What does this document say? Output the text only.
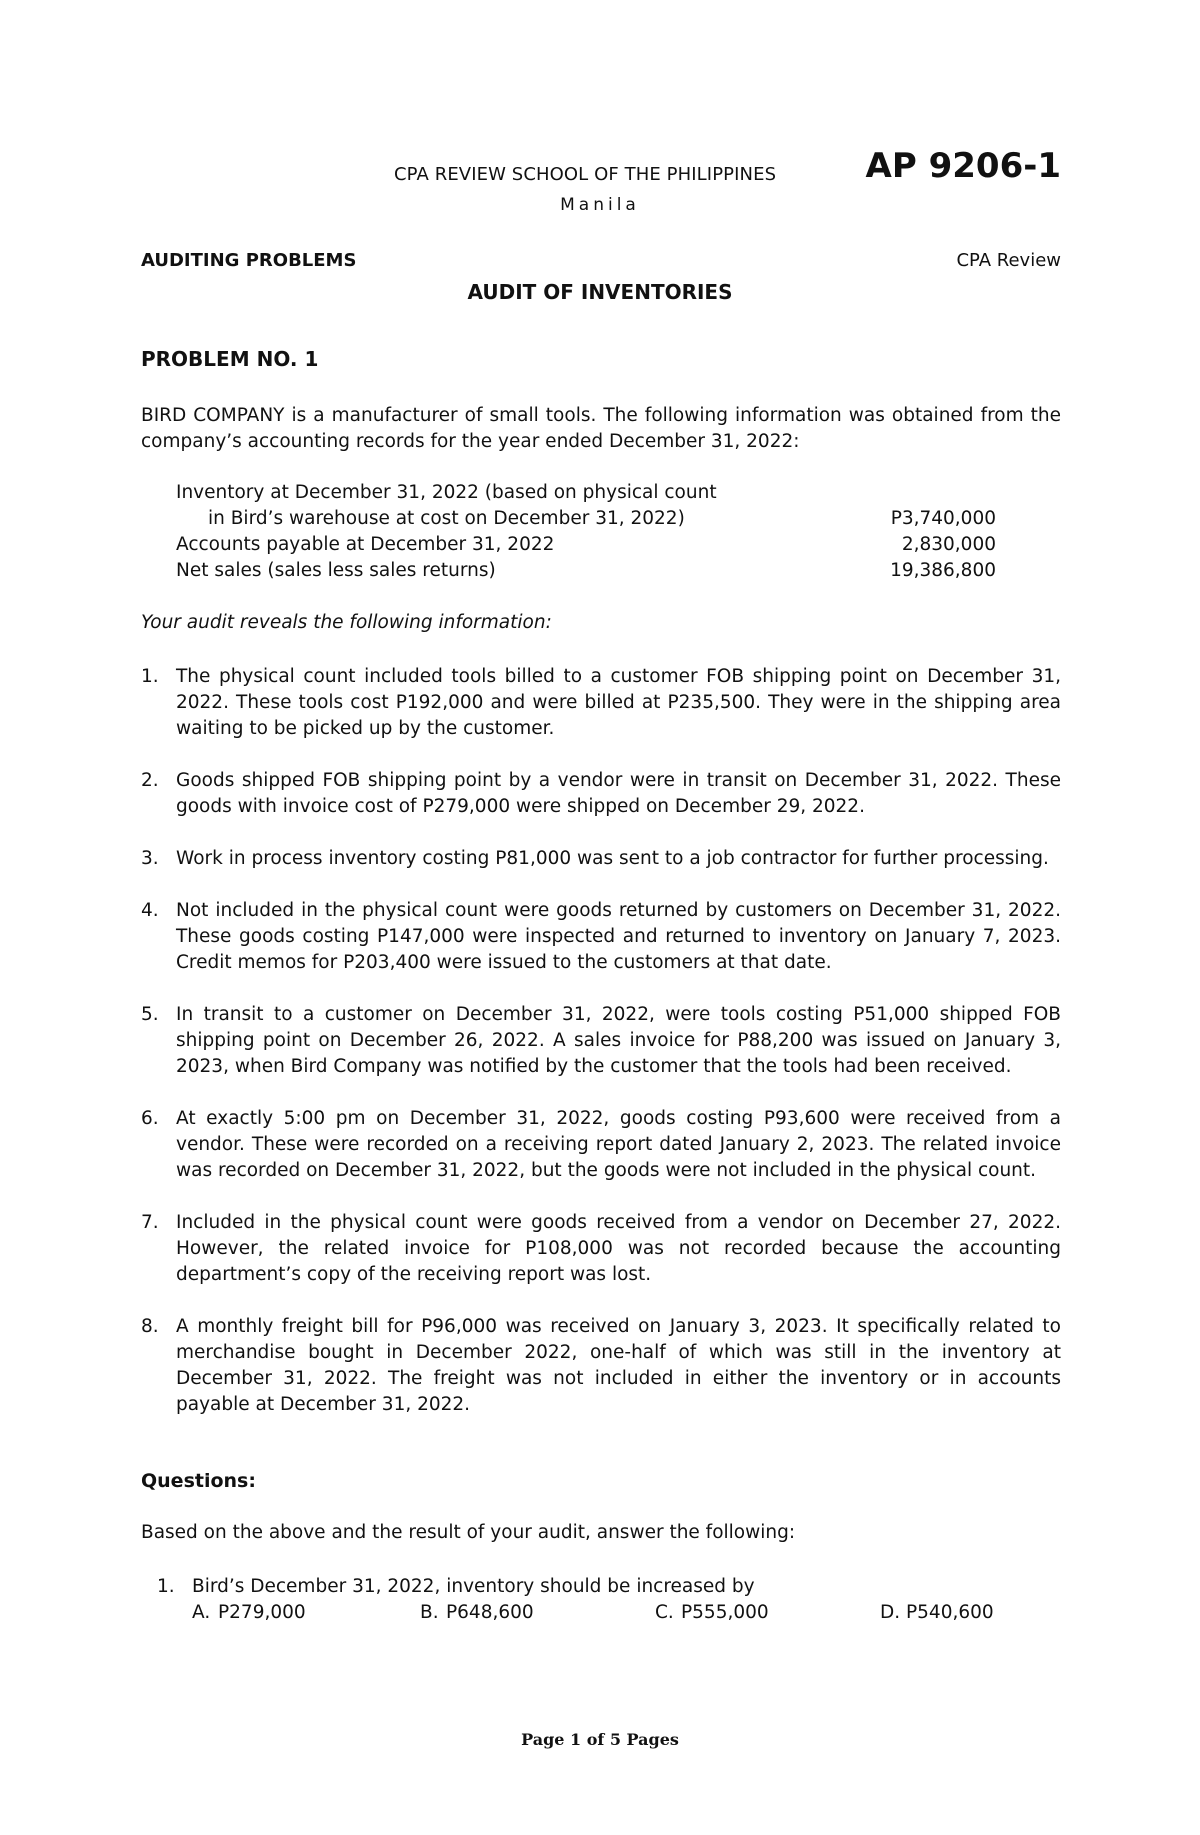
CPA REVIEW SCHOOL OF THE PHILIPPINES
Manila
AP 9206-1
AUDITING PROBLEMS	CPA Review
AUDIT OF INVENTORIES
PROBLEM NO. 1
BIRD COMPANY is a manufacturer of small tools. The following information was obtained from the company’s accounting records for the year ended December 31, 2022:
Inventory at December 31, 2022 (based on physical count
in Bird’s warehouse at cost on December 31, 2022)	P3,740,000
Accounts payable at December 31, 2022	2,830,000
Net sales (sales less sales returns)	19,386,800
Your audit reveals the following information:
1. The physical count included tools billed to a customer FOB shipping point on December 31, 2022. These tools cost P192,000 and were billed at P235,500. They were in the shipping area waiting to be picked up by the customer.
2. Goods shipped FOB shipping point by a vendor were in transit on December 31, 2022. These goods with invoice cost of P279,000 were shipped on December 29, 2022.
3. Work in process inventory costing P81,000 was sent to a job contractor for further processing.
4. Not included in the physical count were goods returned by customers on December 31, 2022. These goods costing P147,000 were inspected and returned to inventory on January 7, 2023. Credit memos for P203,400 were issued to the customers at that date.
5. In transit to a customer on December 31, 2022, were tools costing P51,000 shipped FOB shipping point on December 26, 2022. A sales invoice for P88,200 was issued on January 3, 2023, when Bird Company was notified by the customer that the tools had been received.
6. At exactly 5:00 pm on December 31, 2022, goods costing P93,600 were received from a vendor. These were recorded on a receiving report dated January 2, 2023. The related invoice was recorded on December 31, 2022, but the goods were not included in the physical count.
7. Included in the physical count were goods received from a vendor on December 27, 2022. However, the related invoice for P108,000 was not recorded because the accounting department’s copy of the receiving report was lost.
8. A monthly freight bill for P96,000 was received on January 3, 2023. It specifically related to merchandise bought in December 2022, one-half of which was still in the inventory at December 31, 2022. The freight was not included in either the inventory or in accounts payable at December 31, 2022.
Questions:
Based on the above and the result of your audit, answer the following:
1. Bird’s December 31, 2022, inventory should be increased by
A. P279,000	B. P648,600	C. P555,000	D. P540,600
Page 1 of 5 Pages
